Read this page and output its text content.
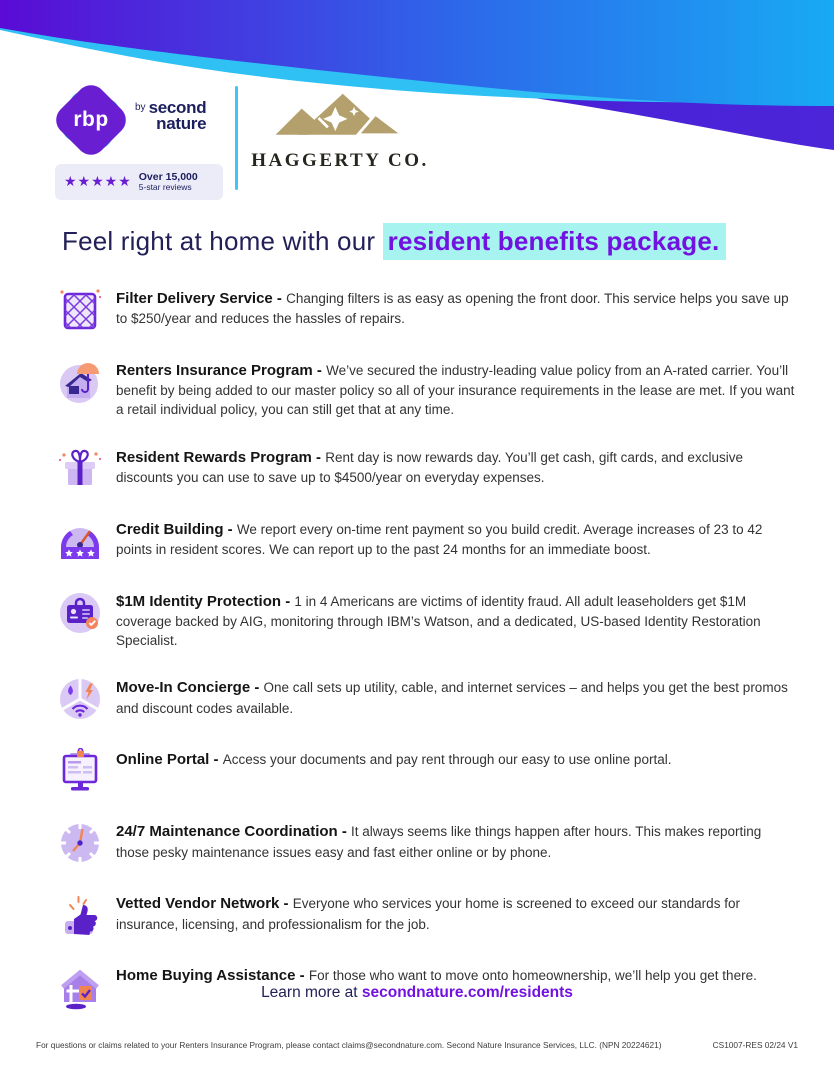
rbp
by second
nature
★★★★★ Over 15,000
5-star reviews
HAGGERTY CO.
Feel right at home with our resident benefits package.

Filter Delivery Service - Changing filters is as easy as opening the front door. This service helps you save up to $250/year and reduces the hassles of repairs.

Renters Insurance Program - We’ve secured the industry-leading value policy from an A-rated carrier. You’ll benefit by being added to our master policy so all of your insurance requirements in the lease are met. If you want a retail individual policy, you can still get that at any time.

Resident Rewards Program - Rent day is now rewards day. You’ll get cash, gift cards, and exclusive discounts you can use to save up to $4500/year on everyday expenses.

Credit Building - We report every on-time rent payment so you build credit. Average increases of 23 to 42 points in resident scores. We can report up to the past 24 months for an immediate boost.

$1M Identity Protection - 1 in 4 Americans are victims of identity fraud. All adult leaseholders get $1M coverage backed by AIG, monitoring through IBM’s Watson, and a dedicated, US-based Identity Restoration Specialist.

Move-In Concierge - One call sets up utility, cable, and internet services – and helps you get the best promos and discount codes available.

Online Portal - Access your documents and pay rent through our easy to use online portal.

24/7 Maintenance Coordination - It always seems like things happen after hours. This makes reporting those pesky maintenance issues easy and fast either online or by phone.

Vetted Vendor Network - Everyone who services your home is screened to exceed our standards for insurance, licensing, and professionalism for the job.

Home Buying Assistance - For those who want to move onto homeownership, we’ll help you get there.

Learn more at secondnature.com/residents
For questions or claims related to your Renters Insurance Program, please contact claims@secondnature.com. Second Nature Insurance Services, LLC. (NPN 20224621)	CS1007-RES 02/24 V1
